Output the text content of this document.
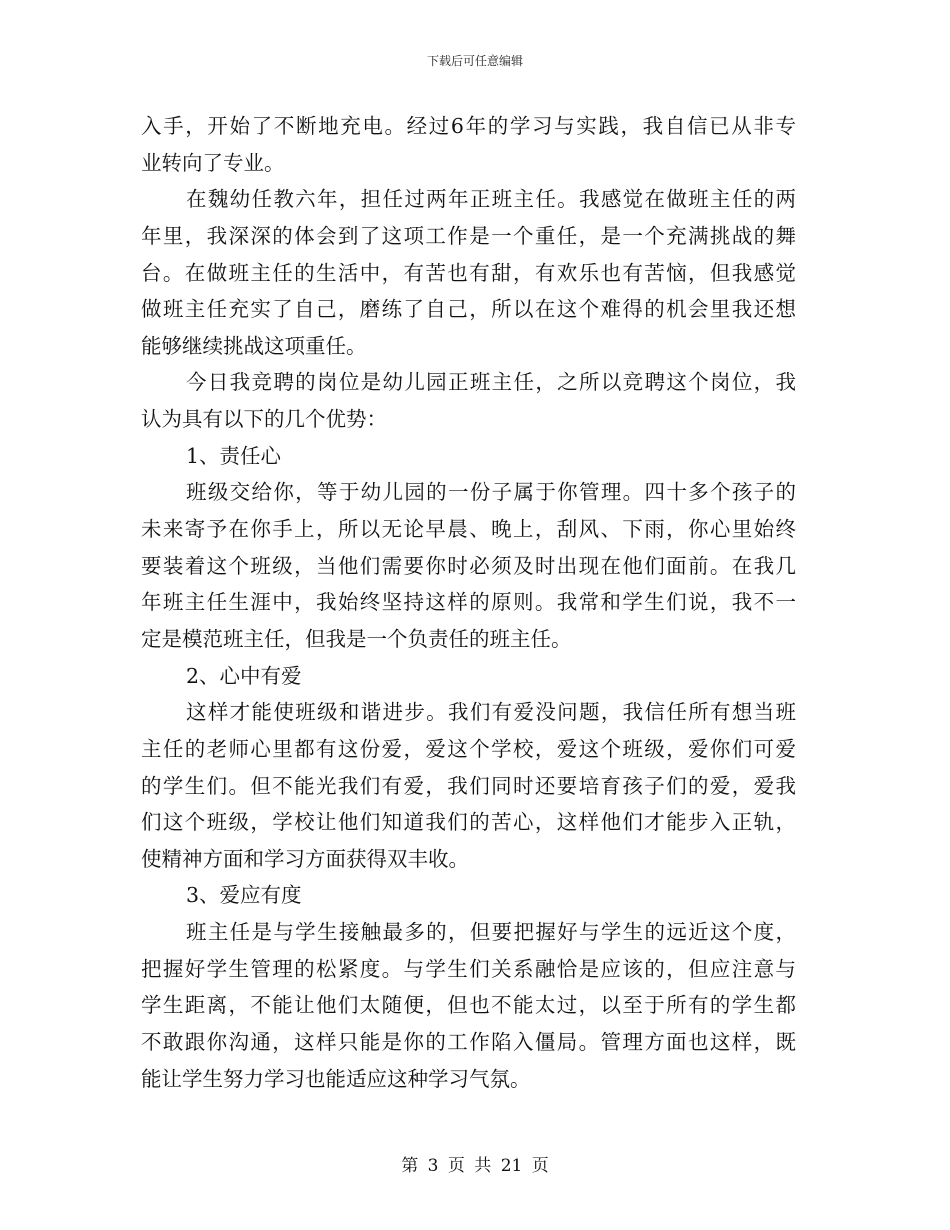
下载后可任意编辑
入手，开始了不断地充电。经过6年的学习与实践，我自信已从非专
业转向了专业。
在魏幼任教六年，担任过两年正班主任。我感觉在做班主任的两
年里，我深深的体会到了这项工作是一个重任，是一个充满挑战的舞
台。在做班主任的生活中，有苦也有甜，有欢乐也有苦恼，但我感觉
做班主任充实了自己，磨练了自己，所以在这个难得的机会里我还想
能够继续挑战这项重任。
今日我竞聘的岗位是幼儿园正班主任，之所以竞聘这个岗位，我
认为具有以下的几个优势：
1、责任心
班级交给你，等于幼儿园的一份子属于你管理。四十多个孩子的
未来寄予在你手上，所以无论早晨、晚上，刮风、下雨，你心里始终
要装着这个班级，当他们需要你时必须及时出现在他们面前。在我几
年班主任生涯中，我始终坚持这样的原则。我常和学生们说，我不一
定是模范班主任，但我是一个负责任的班主任。
2、心中有爱
这样才能使班级和谐进步。我们有爱没问题，我信任所有想当班
主任的老师心里都有这份爱，爱这个学校，爱这个班级，爱你们可爱
的学生们。但不能光我们有爱，我们同时还要培育孩子们的爱，爱我
们这个班级，学校让他们知道我们的苦心，这样他们才能步入正轨，
使精神方面和学习方面获得双丰收。
3、爱应有度
班主任是与学生接触最多的，但要把握好与学生的远近这个度，
把握好学生管理的松紧度。与学生们关系融恰是应该的，但应注意与
学生距离，不能让他们太随便，但也不能太过，以至于所有的学生都
不敢跟你沟通，这样只能是你的工作陷入僵局。管理方面也这样，既
能让学生努力学习也能适应这种学习气氛。
第 3 页 共 21 页
